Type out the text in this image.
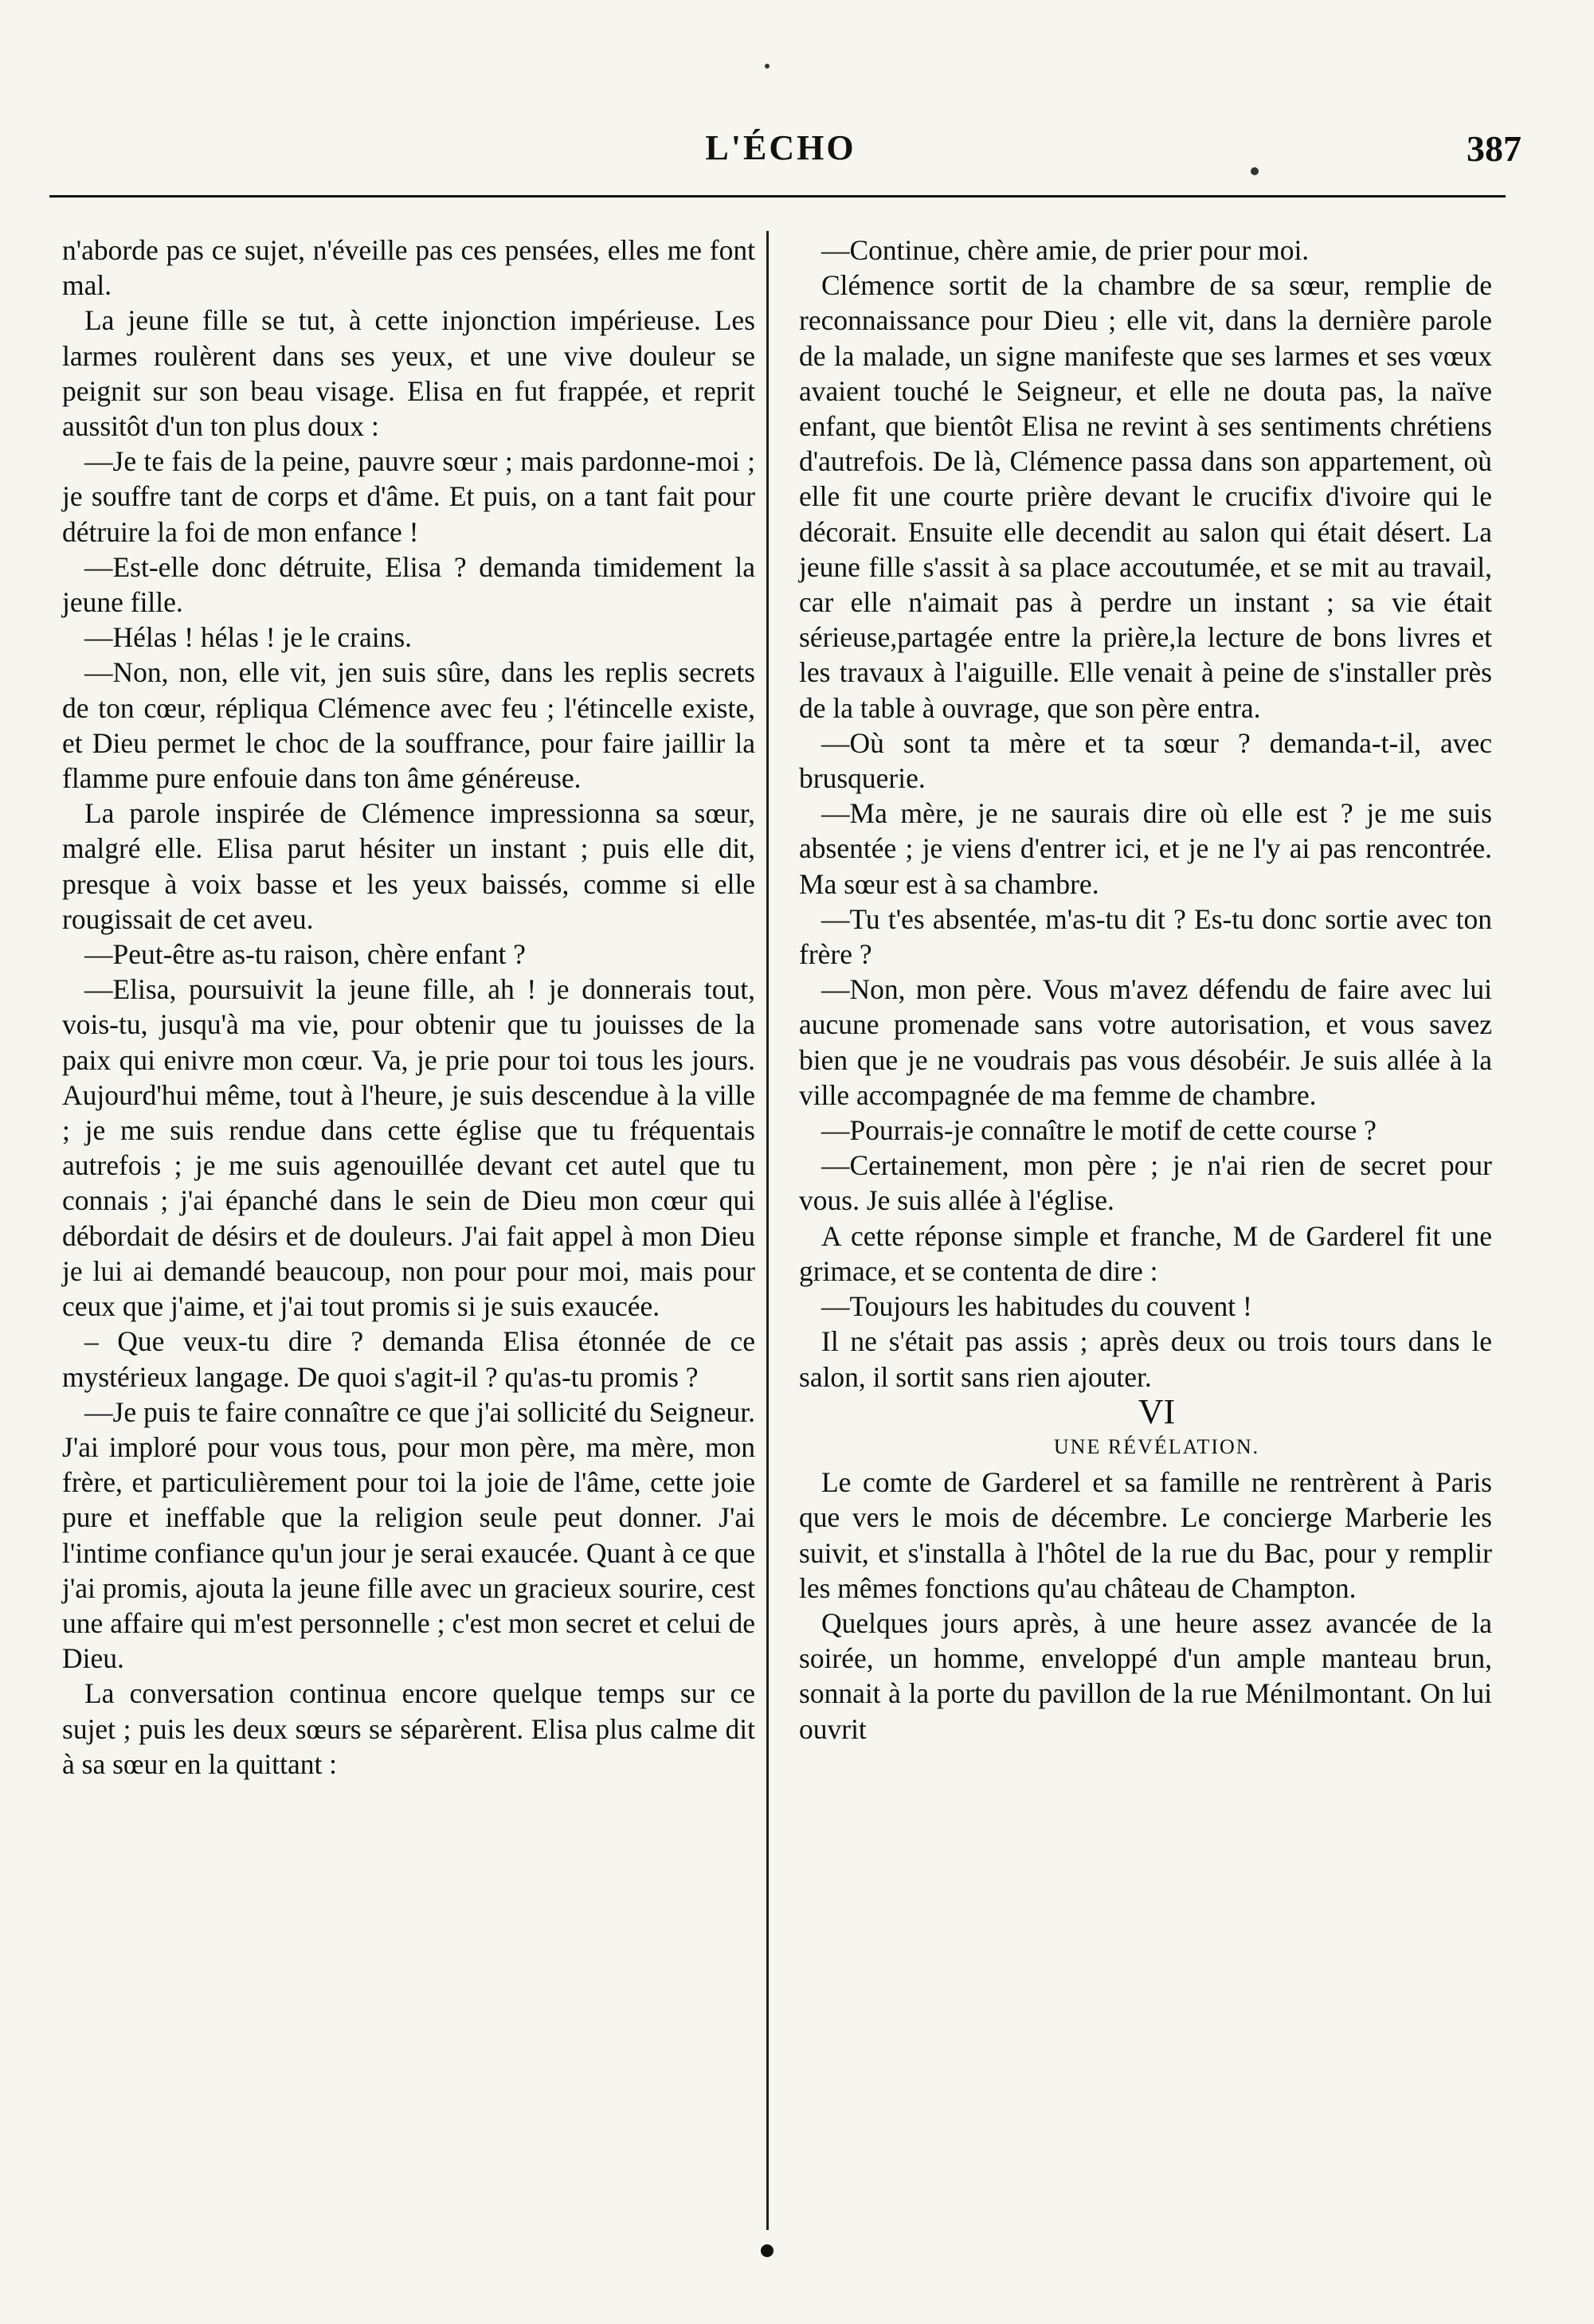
L'ÉCHO	387

n'aborde pas ce sujet, n'éveille pas ces pensées, elles me font mal.

La jeune fille se tut, à cette injonction impérieuse. Les larmes roulèrent dans ses yeux, et une vive douleur se peignit sur son beau visage. Elisa en fut frappée, et reprit aussitôt d'un ton plus doux :

—Je te fais de la peine, pauvre sœur ; mais pardonne-moi ; je souffre tant de corps et d'âme. Et puis, on a tant fait pour détruire la foi de mon enfance !

—Est-elle donc détruite, Elisa ? demanda timidement la jeune fille.

—Hélas ! hélas ! je le crains.

—Non, non, elle vit, jen suis sûre, dans les replis secrets de ton cœur, répliqua Clémence avec feu ; l'étincelle existe, et Dieu permet le choc de la souffrance, pour faire jaillir la flamme pure enfouie dans ton âme généreuse.

La parole inspirée de Clémence impressionna sa sœur, malgré elle. Elisa parut hésiter un instant ; puis elle dit, presque à voix basse et les yeux baissés, comme si elle rougissait de cet aveu.

—Peut-être as-tu raison, chère enfant ?

—Elisa, poursuivit la jeune fille, ah ! je donnerais tout, vois-tu, jusqu'à ma vie, pour obtenir que tu jouisses de la paix qui enivre mon cœur. Va, je prie pour toi tous les jours. Aujourd'hui même, tout à l'heure, je suis descendue à la ville ; je me suis rendue dans cette église que tu fréquentais autrefois ; je me suis agenouillée devant cet autel que tu connais ; j'ai épanché dans le sein de Dieu mon cœur qui débordait de désirs et de douleurs. J'ai fait appel à mon Dieu je lui ai demandé beaucoup, non pour pour moi, mais pour ceux que j'aime, et j'ai tout promis si je suis exaucée.

– Que veux-tu dire ? demanda Elisa étonnée de ce mystérieux langage. De quoi s'agit-il ? qu'as-tu promis ?

—Je puis te faire connaître ce que j'ai sollicité du Seigneur. J'ai imploré pour vous tous, pour mon père, ma mère, mon frère, et particulièrement pour toi la joie de l'âme, cette joie pure et ineffable que la religion seule peut donner. J'ai l'intime confiance qu'un jour je serai exaucée. Quant à ce que j'ai promis, ajouta la jeune fille avec un gracieux sourire, cest une affaire qui m'est personnelle ; c'est mon secret et celui de Dieu.

La conversation continua encore quelque temps sur ce sujet ; puis les deux sœurs se séparèrent. Elisa plus calme dit à sa sœur en la quittant :

—Continue, chère amie, de prier pour moi.

Clémence sortit de la chambre de sa sœur, remplie de reconnaissance pour Dieu ; elle vit, dans la dernière parole de la malade, un signe manifeste que ses larmes et ses vœux avaient touché le Seigneur, et elle ne douta pas, la naïve enfant, que bientôt Elisa ne revint à ses sentiments chrétiens d'autrefois. De là, Clémence passa dans son appartement, où elle fit une courte prière devant le crucifix d'ivoire qui le décorait. Ensuite elle decendit au salon qui était désert. La jeune fille s'assit à sa place accoutumée, et se mit au travail, car elle n'aimait pas à perdre un instant ; sa vie était sérieuse,partagée entre la prière,la lecture de bons livres et les travaux à l'aiguille. Elle venait à peine de s'installer près de la table à ouvrage, que son père entra.

—Où sont ta mère et ta sœur ? demanda-t-il, avec brusquerie.

—Ma mère, je ne saurais dire où elle est ? je me suis absentée ; je viens d'entrer ici, et je ne l'y ai pas rencontrée. Ma sœur est à sa chambre.

—Tu t'es absentée, m'as-tu dit ? Es-tu donc sortie avec ton frère ?

—Non, mon père. Vous m'avez défendu de faire avec lui aucune promenade sans votre autorisation, et vous savez bien que je ne voudrais pas vous désobéir. Je suis allée à la ville accompagnée de ma femme de chambre.

—Pourrais-je connaître le motif de cette course ?

—Certainement, mon père ; je n'ai rien de secret pour vous. Je suis allée à l'église.

A cette réponse simple et franche, M de Garderel fit une grimace, et se contenta de dire :

—Toujours les habitudes du couvent !

Il ne s'était pas assis ; après deux ou trois tours dans le salon, il sortit sans rien ajouter.

VI

UNE RÉVÉLATION.

Le comte de Garderel et sa famille ne rentrèrent à Paris que vers le mois de décembre. Le concierge Marberie les suivit, et s'installa à l'hôtel de la rue du Bac, pour y remplir les mêmes fonctions qu'au château de Champton.

Quelques jours après, à une heure assez avancée de la soirée, un homme, enveloppé d'un ample manteau brun, sonnait à la porte du pavillon de la rue Ménilmontant. On lui ouvrit
